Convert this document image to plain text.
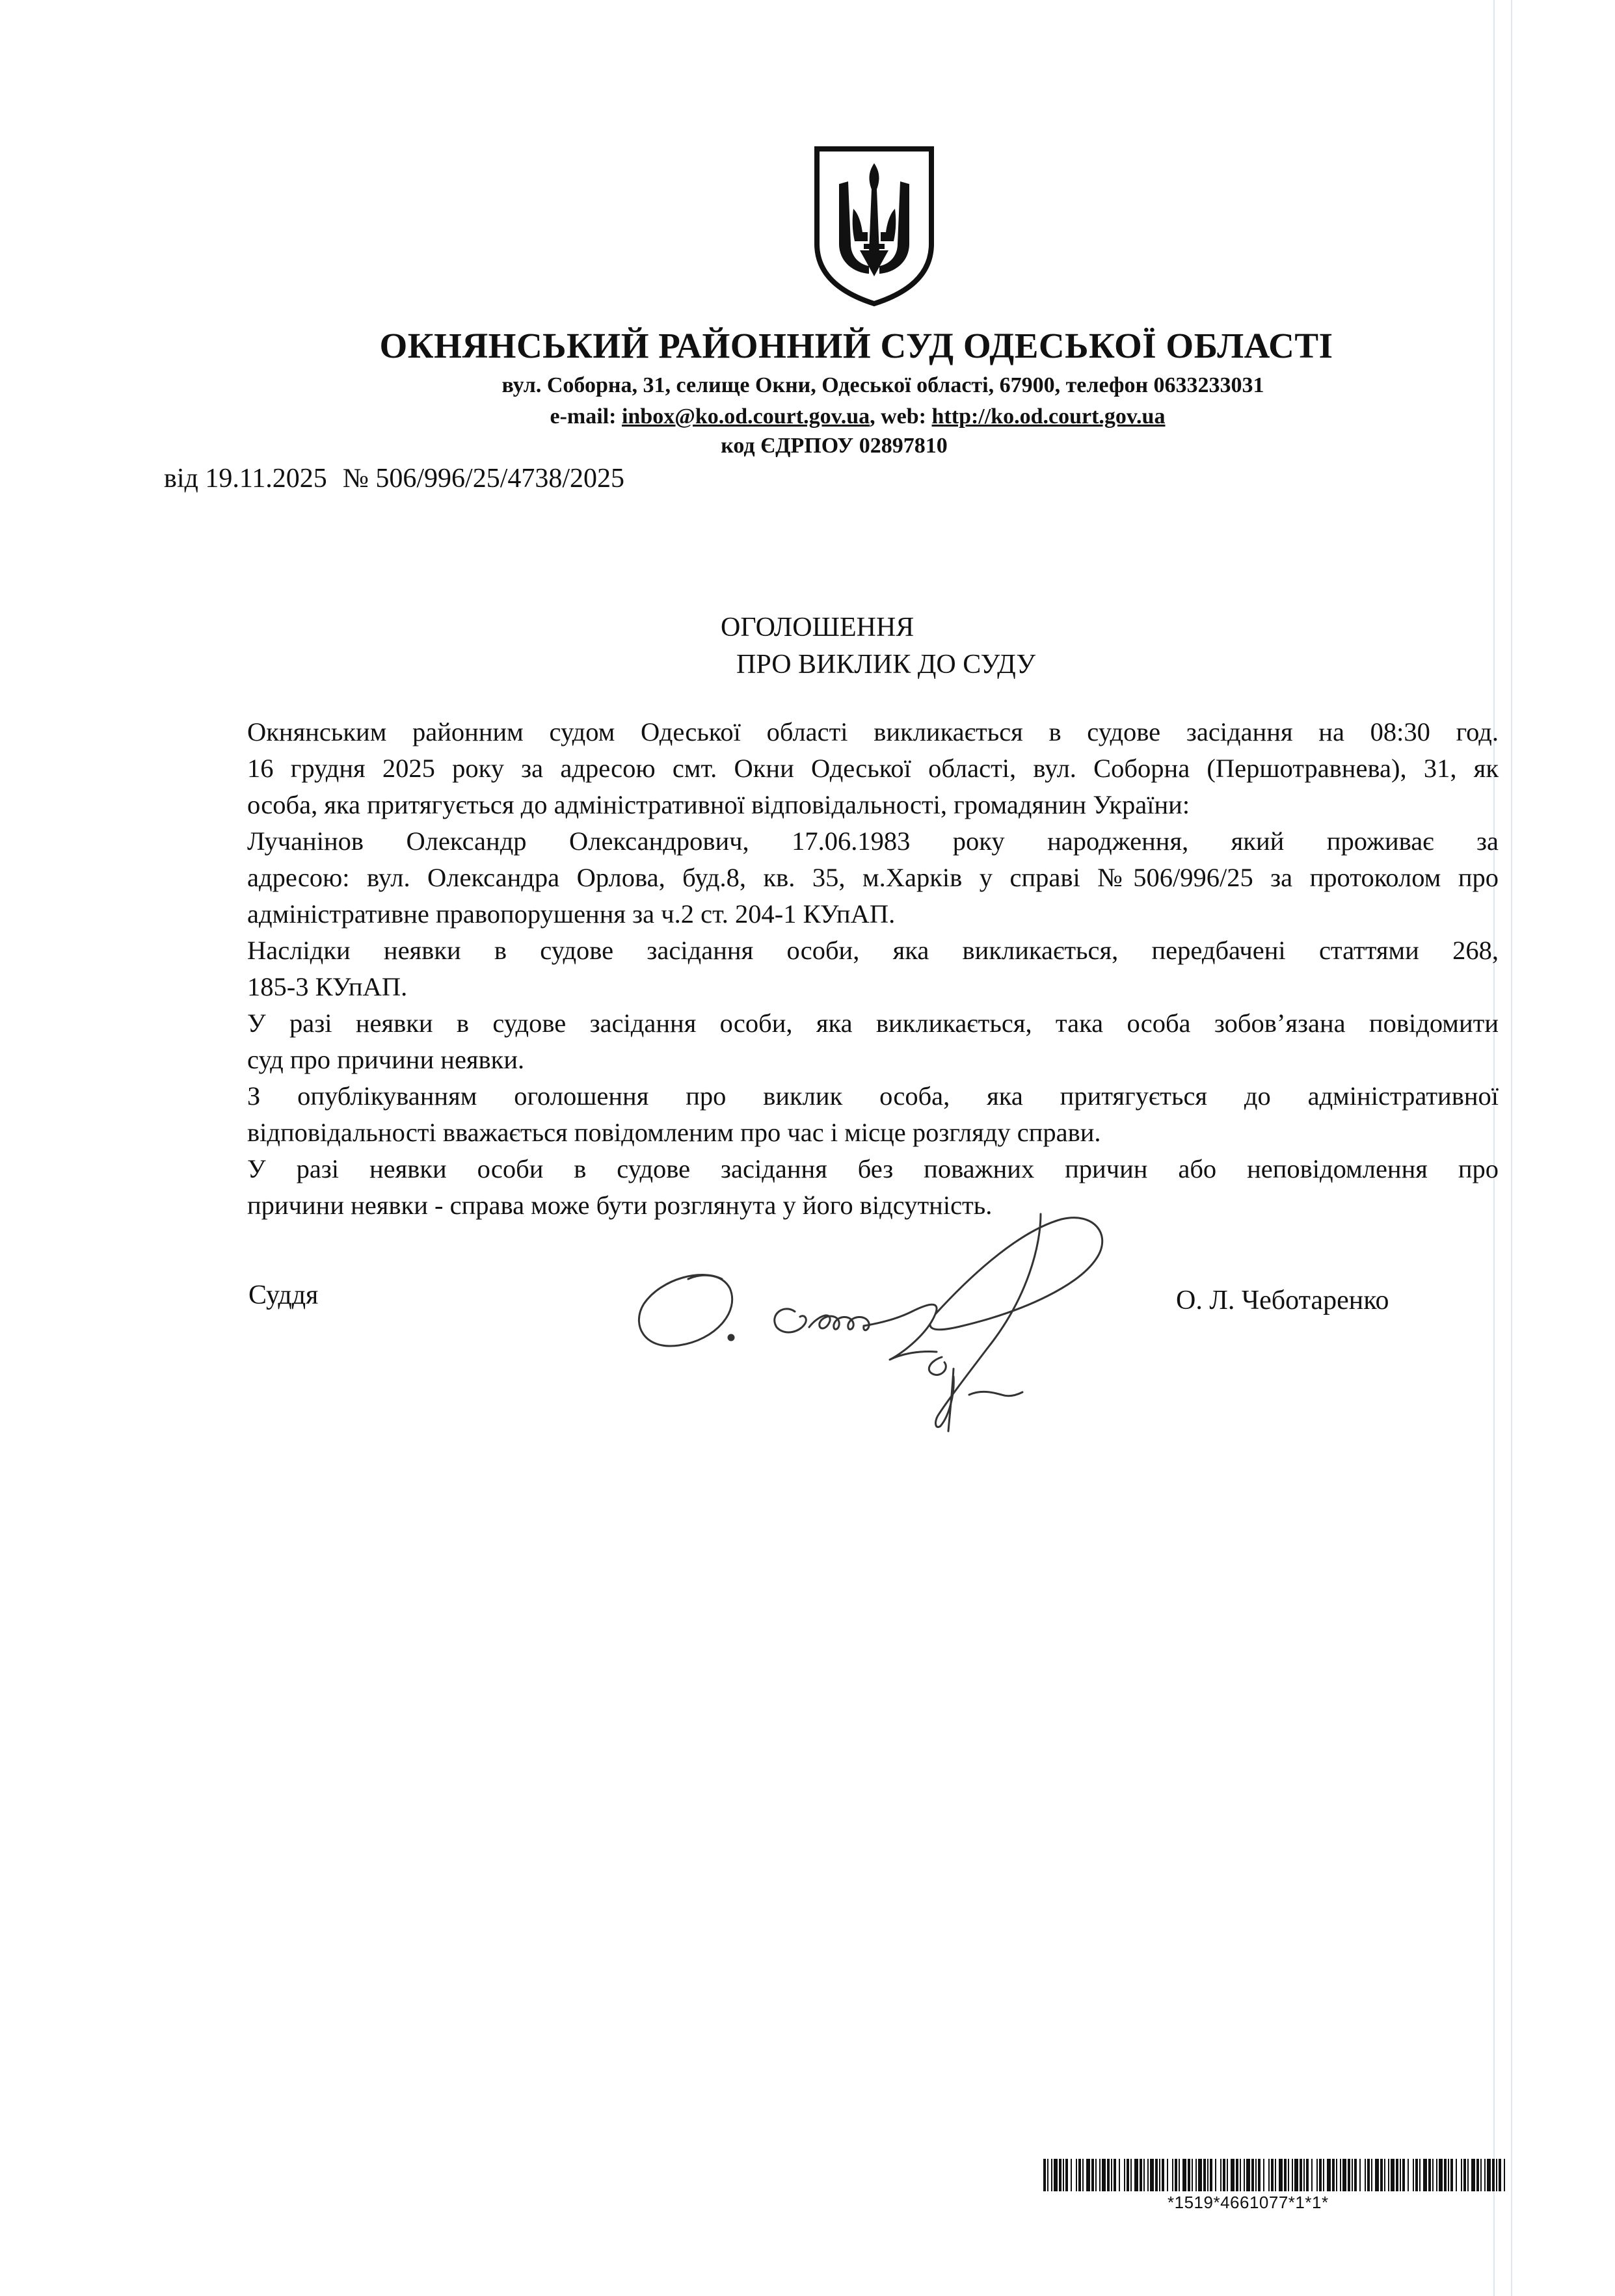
ОКНЯНСЬКИЙ РАЙОННИЙ СУД ОДЕСЬКОЇ ОБЛАСТІ
вул. Соборна, 31, селище Окни, Одеської області, 67900, телефон 0633233031
e-mail: inbox@ko.od.court.gov.ua, web: http://ko.od.court.gov.ua
код ЄДРПОУ 02897810
від 19.11.2025 № 506/996/25/4738/2025
ОГОЛОШЕННЯ
ПРО ВИКЛИК ДО СУДУ
Окнянським районним судом Одеської області викликається в судове засідання на 08:30 год.
16 грудня 2025 року за адресою смт. Окни Одеської області, вул. Соборна (Першотравнева), 31, як
особа, яка притягується до адміністративної відповідальності, громадянин України:
Лучанінов Олександр Олександрович, 17.06.1983 року народження, який проживає за
адресою: вул. Олександра Орлова, буд.8, кв. 35, м.Харків у справі №506/996/25 за протоколом про
адміністративне правопорушення за ч.2 ст. 204-1 КУпАП.
Наслідки неявки в судове засідання особи, яка викликається, передбачені статтями 268,
185-3 КУпАП.
У разі неявки в судове засідання особи, яка викликається, така особа зобов’язана повідомити
суд про причини неявки.
З опублікуванням оголошення про виклик особа, яка притягується до адміністративної
відповідальності вважається повідомленим про час і місце розгляду справи.
У разі неявки особи в судове засідання без поважних причин або неповідомлення про
причини неявки - справа може бути розглянута у його відсутність.
Суддя	О. Л. Чеботаренко
*1519*4661077*1*1*
